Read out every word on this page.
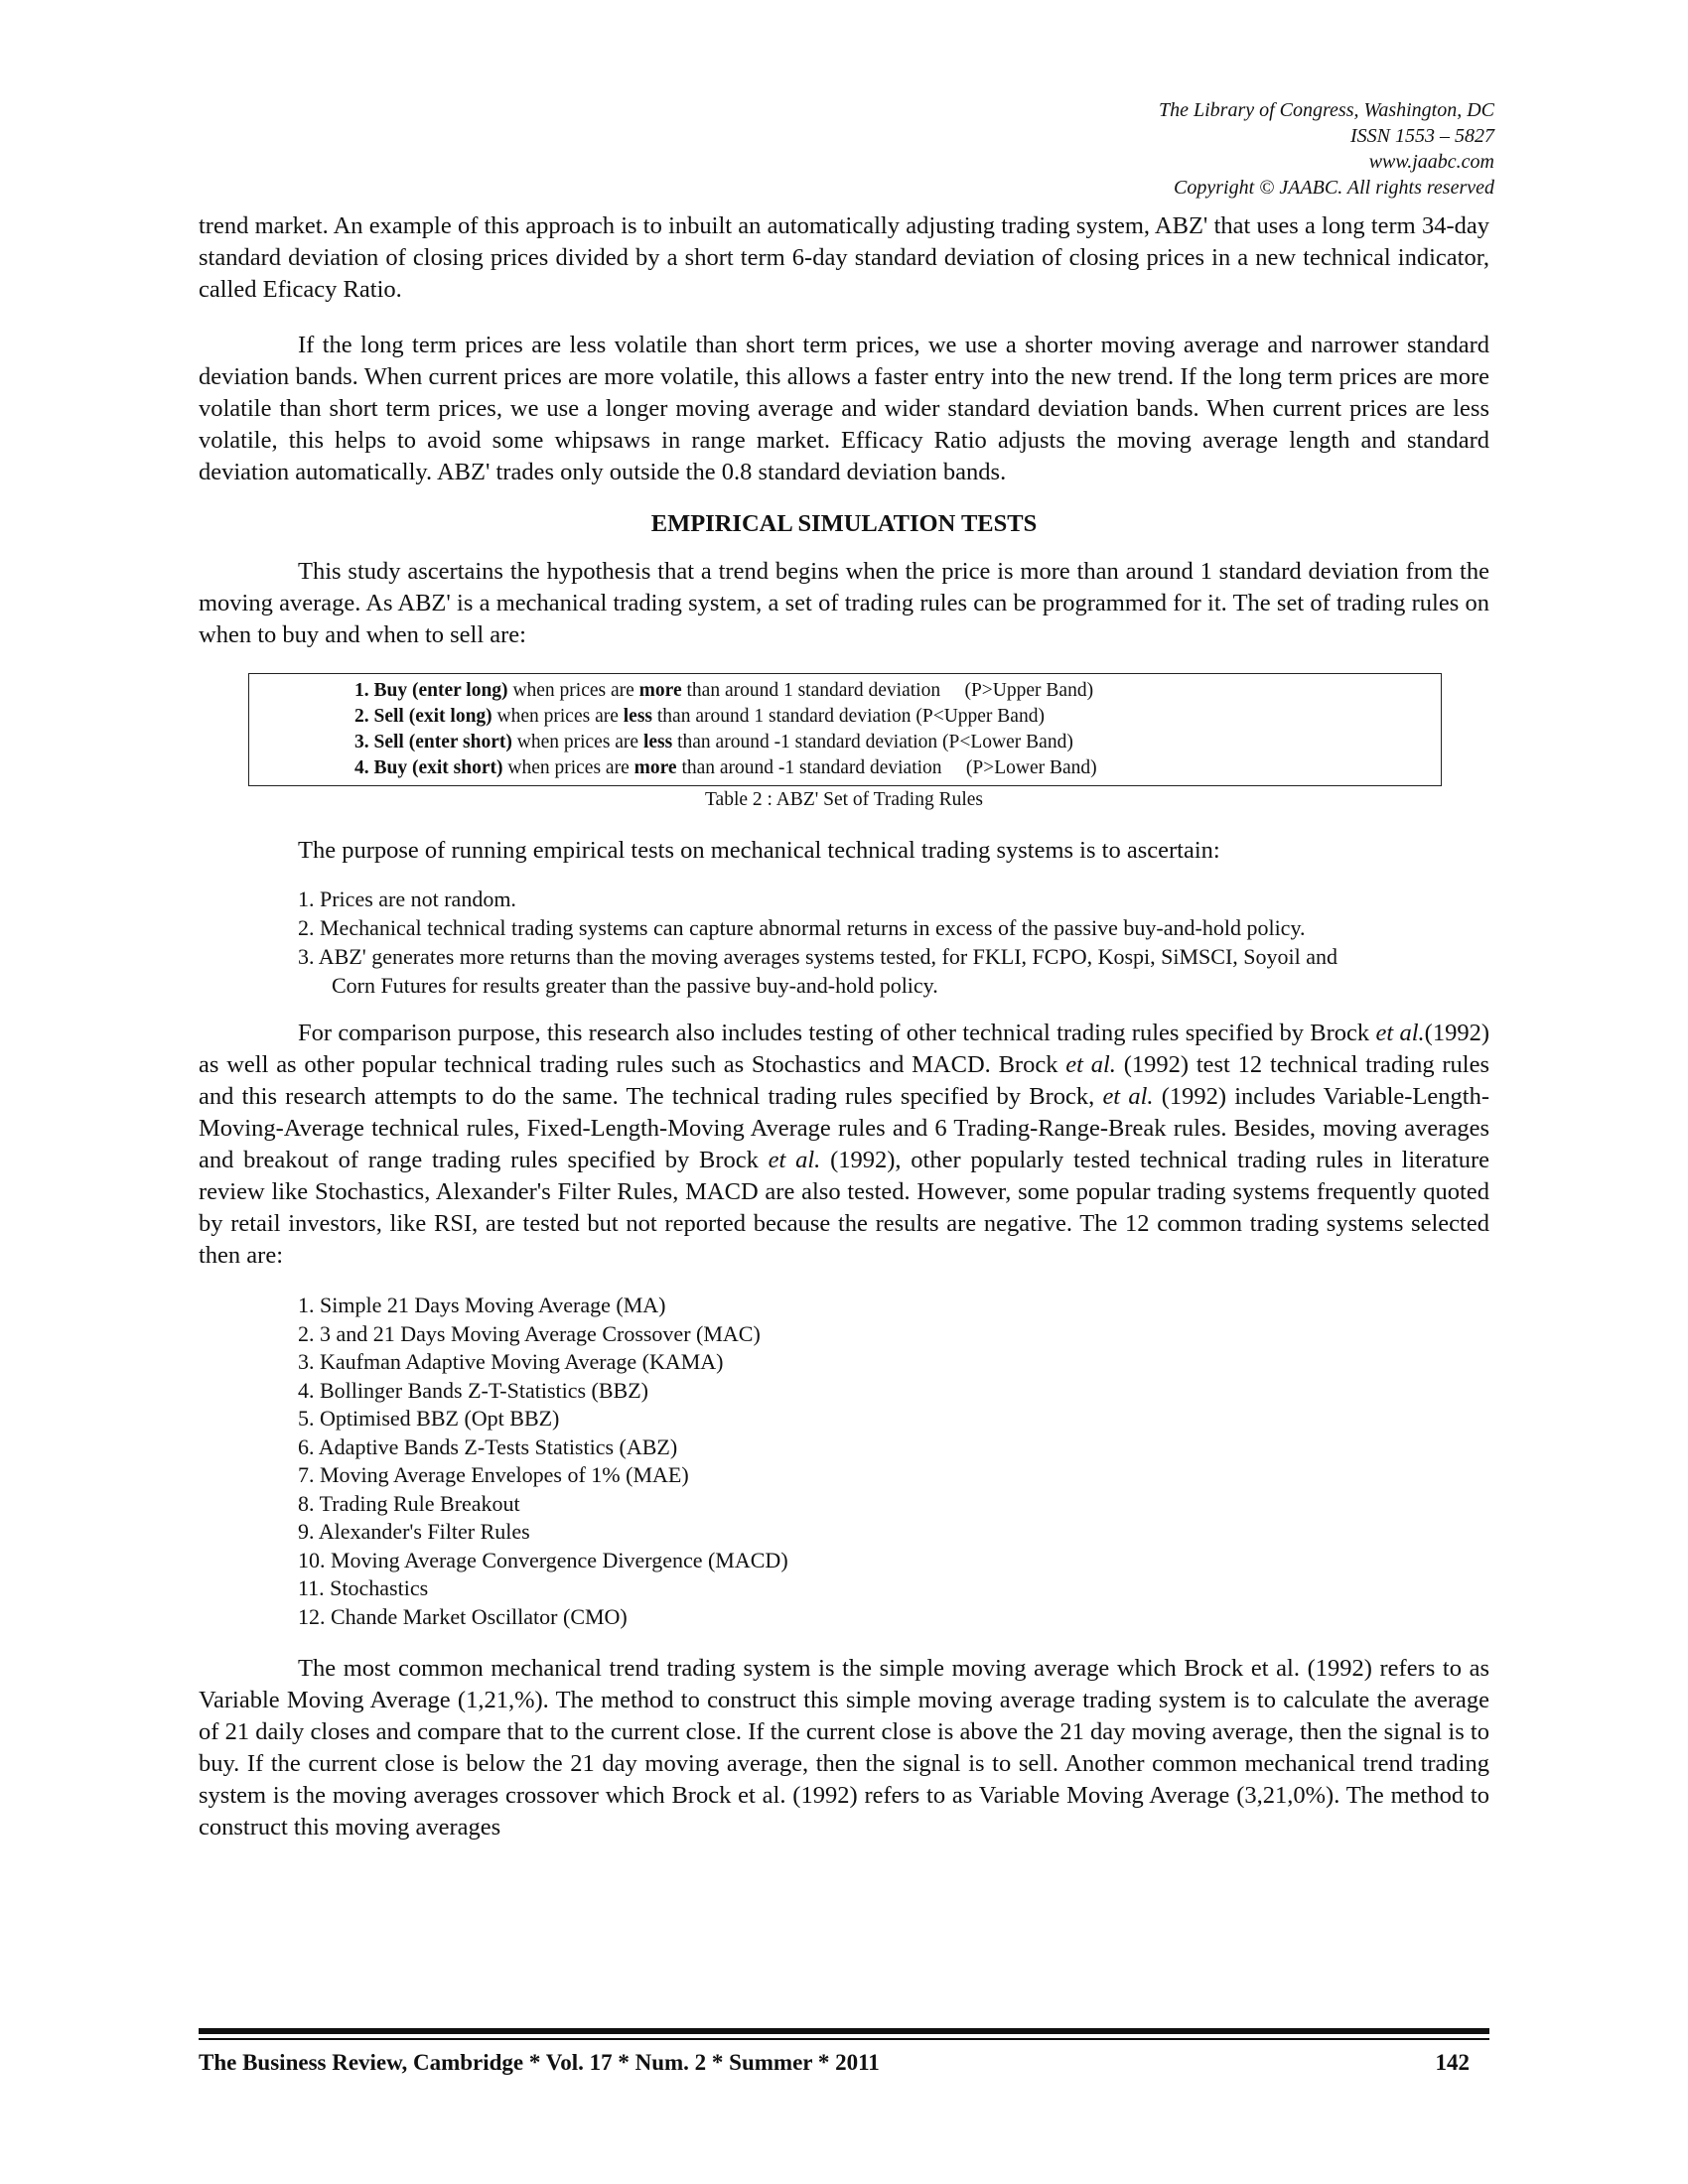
The Library of Congress, Washington, DC
ISSN 1553 – 5827
www.jaabc.com
Copyright © JAABC. All rights reserved

trend market. An example of this approach is to inbuilt an automatically adjusting trading system, ABZ' that uses a long term 34-day standard deviation of closing prices divided by a short term 6-day standard deviation of closing prices in a new technical indicator, called Eficacy Ratio.

If the long term prices are less volatile than short term prices, we use a shorter moving average and narrower standard deviation bands. When current prices are more volatile, this allows a faster entry into the new trend. If the long term prices are more volatile than short term prices, we use a longer moving average and wider standard deviation bands. When current prices are less volatile, this helps to avoid some whipsaws in range market. Efficacy Ratio adjusts the moving average length and standard deviation automatically. ABZ' trades only outside the 0.8 standard deviation bands.

EMPIRICAL SIMULATION TESTS

This study ascertains the hypothesis that a trend begins when the price is more than around 1 standard deviation from the moving average. As ABZ' is a mechanical trading system, a set of trading rules can be programmed for it. The set of trading rules on when to buy and when to sell are:

1. Buy (enter long) when prices are more than around 1 standard deviation     (P>Upper Band)
2. Sell (exit long) when prices are less than around 1 standard deviation (P<Upper Band)
3. Sell (enter short) when prices are less than around -1 standard deviation (P<Lower Band)
4. Buy (exit short) when prices are more than around -1 standard deviation     (P>Lower Band)
Table 2 : ABZ' Set of Trading Rules

The purpose of running empirical tests on mechanical technical trading systems is to ascertain:

1. Prices are not random.
2. Mechanical technical trading systems can capture abnormal returns in excess of the passive buy-and-hold policy.
3. ABZ' generates more returns than the moving averages systems tested, for FKLI, FCPO, Kospi, SiMSCI, Soyoil and
Corn Futures for results greater than the passive buy-and-hold policy.

For comparison purpose, this research also includes testing of other technical trading rules specified by Brock et al.(1992) as well as other popular technical trading rules such as Stochastics and MACD. Brock et al. (1992) test 12 technical trading rules and this research attempts to do the same. The technical trading rules specified by Brock, et al. (1992) includes Variable-Length-Moving-Average technical rules, Fixed-Length-Moving Average rules and 6 Trading-Range-Break rules. Besides, moving averages and breakout of range trading rules specified by Brock et al. (1992), other popularly tested technical trading rules in literature review like Stochastics, Alexander's Filter Rules, MACD are also tested. However, some popular trading systems frequently quoted by retail investors, like RSI, are tested but not reported because the results are negative. The 12 common trading systems selected then are:

1. Simple 21 Days Moving Average (MA)
2. 3 and 21 Days Moving Average Crossover (MAC)
3. Kaufman Adaptive Moving Average (KAMA)
4. Bollinger Bands Z-T-Statistics (BBZ)
5. Optimised BBZ (Opt BBZ)
6. Adaptive Bands Z-Tests Statistics (ABZ)
7. Moving Average Envelopes of 1% (MAE)
8. Trading Rule Breakout
9. Alexander's Filter Rules
10. Moving Average Convergence Divergence (MACD)
11. Stochastics
12. Chande Market Oscillator (CMO)

The most common mechanical trend trading system is the simple moving average which Brock et al. (1992) refers to as Variable Moving Average (1,21,%). The method to construct this simple moving average trading system is to calculate the average of 21 daily closes and compare that to the current close. If the current close is above the 21 day moving average, then the signal is to buy. If the current close is below the 21 day moving average, then the signal is to sell. Another common mechanical trend trading system is the moving averages crossover which Brock et al. (1992) refers to as Variable Moving Average (3,21,0%). The method to construct this moving averages

The Business Review, Cambridge * Vol. 17 * Num. 2 * Summer * 2011	142
